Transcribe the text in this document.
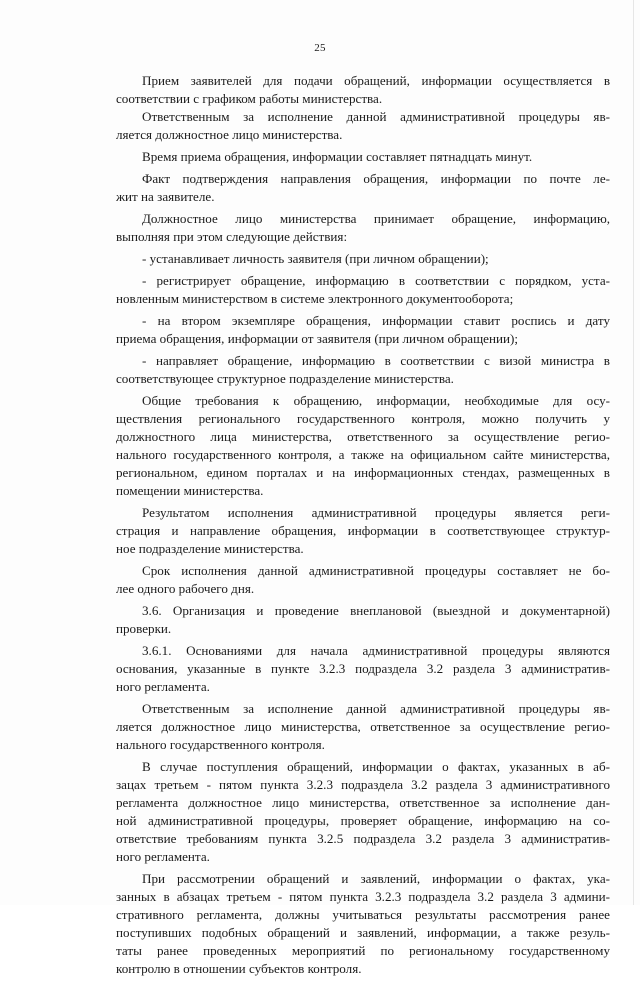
25
Прием заявителей для подачи обращений, информации осуществляется в
соответствии с графиком работы министерства.
Ответственным за исполнение данной административной процедуры яв-
ляется должностное лицо министерства.
Время приема обращения, информации составляет пятнадцать минут.
Факт подтверждения направления обращения, информации по почте ле-
жит на заявителе.
Должностное лицо министерства принимает обращение, информацию,
выполняя при этом следующие действия:
- устанавливает личность заявителя (при личном обращении);
- регистрирует обращение, информацию в соответствии с порядком, уста-
новленным министерством в системе электронного документооборота;
- на втором экземпляре обращения, информации ставит роспись и дату
приема обращения, информации от заявителя (при личном обращении);
- направляет обращение, информацию в соответствии с визой министра в
соответствующее структурное подразделение министерства.
Общие требования к обращению, информации, необходимые для осу-
ществления регионального государственного контроля, можно получить у
должностного лица министерства, ответственного за осуществление регио-
нального государственного контроля, а также на официальном сайте министерства,
региональном, едином порталах и на информационных стендах, размещенных в
помещении министерства.
Результатом исполнения административной процедуры является реги-
страция и направление обращения, информации в соответствующее структур-
ное подразделение министерства.
Срок исполнения данной административной процедуры составляет не бо-
лее одного рабочего дня.
3.6. Организация и проведение внеплановой (выездной и документарной)
проверки.
3.6.1. Основаниями для начала административной процедуры являются
основания, указанные в пункте 3.2.3 подраздела 3.2 раздела 3 административ-
ного регламента.
Ответственным за исполнение данной административной процедуры яв-
ляется должностное лицо министерства, ответственное за осуществление регио-
нального государственного контроля.
В случае поступления обращений, информации о фактах, указанных в аб-
зацах третьем - пятом пункта 3.2.3 подраздела 3.2 раздела 3 административного
регламента должностное лицо министерства, ответственное за исполнение дан-
ной административной процедуры, проверяет обращение, информацию на со-
ответствие требованиям пункта 3.2.5 подраздела 3.2 раздела 3 административ-
ного регламента.
При рассмотрении обращений и заявлений, информации о фактах, ука-
занных в абзацах третьем - пятом пункта 3.2.3 подраздела 3.2 раздела 3 админи-
стративного регламента, должны учитываться результаты рассмотрения ранее
поступивших подобных обращений и заявлений, информации, а также резуль-
таты ранее проведенных мероприятий по региональному государственному
контролю в отношении субъектов контроля.
